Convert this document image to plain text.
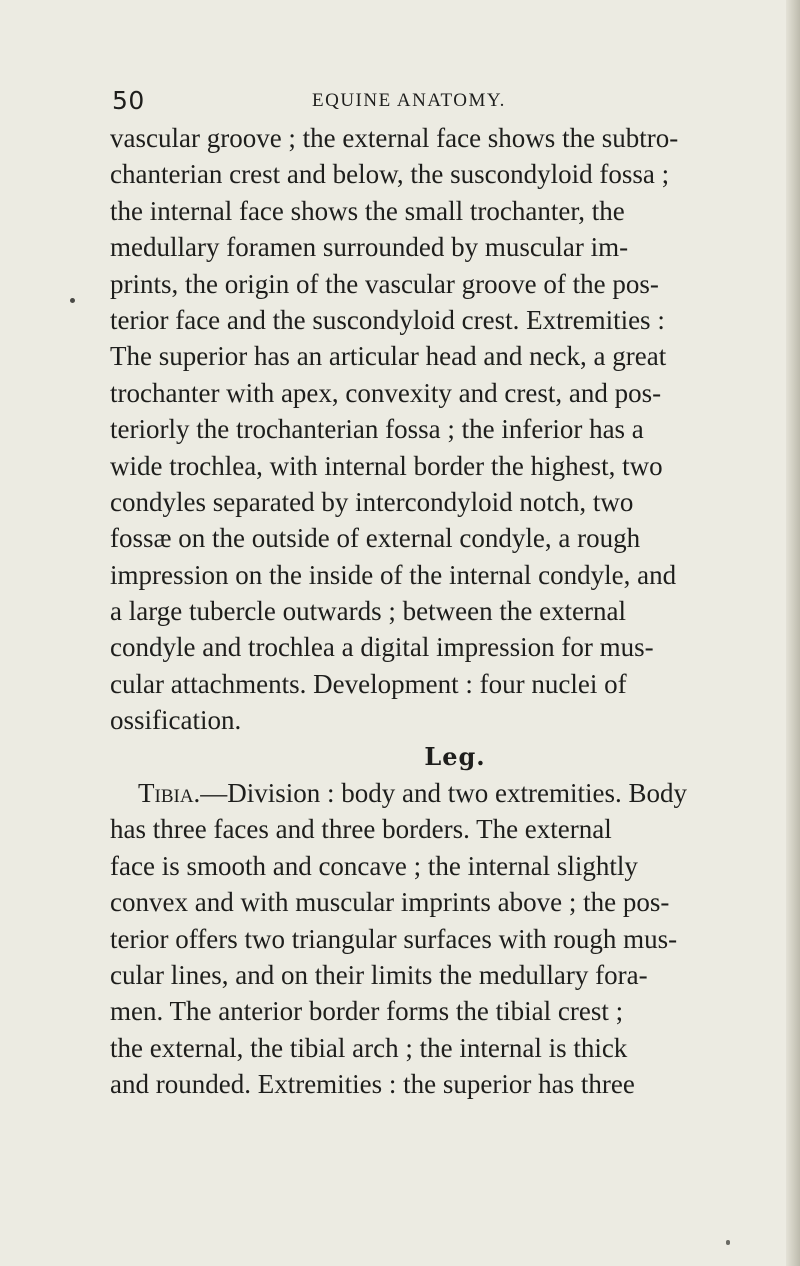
50	EQUINE ANATOMY.
vascular groove ; the external face shows the subtro-
chanterian crest and below, the suscondyloid fossa ;
the internal face shows the small trochanter, the
medullary foramen surrounded by muscular im-
prints, the origin of the vascular groove of the pos-
terior face and the suscondyloid crest. Extremities :
The superior has an articular head and neck, a great
trochanter with apex, convexity and crest, and pos-
teriorly the trochanterian fossa ; the inferior has a
wide trochlea, with internal border the highest, two
condyles separated by intercondyloid notch, two
fossæ on the outside of external condyle, a rough
impression on the inside of the internal condyle, and
a large tubercle outwards ; between the external
condyle and trochlea a digital impression for mus-
cular attachments. Development : four nuclei of
ossification.
Leg.
Tibia.—Division : body and two extremities. Body
has three faces and three borders. The external
face is smooth and concave ; the internal slightly
convex and with muscular imprints above ; the pos-
terior offers two triangular surfaces with rough mus-
cular lines, and on their limits the medullary fora-
men. The anterior border forms the tibial crest ;
the external, the tibial arch ; the internal is thick
and rounded. Extremities : the superior has three
